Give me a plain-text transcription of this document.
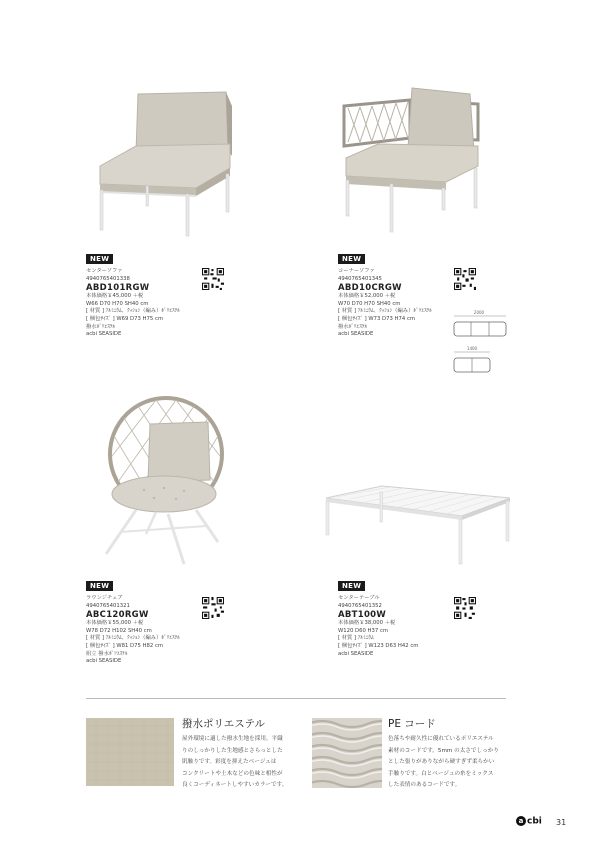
NEW
センターソファ
4940765401338
ABD101RGW
本体価格￥45,000 ＋税
W66 D70 H70 SH40 cm
[ 材質 ] ｱﾙﾐﾆｳﾑ、ｸｯｼｮﾝ（編み）ﾎﾟﾘｴｽﾃﾙ
[ 梱包ｻｲｽﾞ ] W69 D73 H75 cm
撥水ﾎﾟﾘｴｽﾃﾙ
acbi SEASIDE
NEW
コーナーソファ
4940765401345
ABD10CRGW
本体価格￥52,000 ＋税
W70 D70 H70 SH40 cm
[ 材質 ] ｱﾙﾐﾆｳﾑ、ｸｯｼｮﾝ（編み）ﾎﾟﾘｴｽﾃﾙ
[ 梱包ｻｲｽﾞ ] W73 D73 H74 cm
撥水ﾎﾟﾘｴｽﾃﾙ
acbi SEASIDE
2000
1400
NEW
ラウンジチェア
4940765401321
ABC120RGW
本体価格￥55,000 ＋税
W78 D72 H102 SH40 cm
[ 材質 ] ｱﾙﾐﾆｳﾑ、ｸｯｼｮﾝ（編み）ﾎﾟﾘｴｽﾃﾙ
[ 梱包ｻｲｽﾞ ] W81 D75 H82 cm
組立 撥水ﾎﾟﾘｴｽﾃﾙ
acbi SEASIDE
NEW
センターテーブル
4940765401352
ABT100W
本体価格￥38,000 ＋税
W120 D60 H37 cm
[ 材質 ] ｱﾙﾐﾆｳﾑ
[ 梱包ｻｲｽﾞ ] W123 D63 H42 cm
acbi SEASIDE
撥水ポリエステル
屋外環境に適した撥水生地を採用。平織
りのしっかりした生地感とさらっとした
肌触りです。彩度を抑えたベージュは
コンクリートや土木などの色味と相性が
良くコーディネートしやすいカラーです。
PE コード
色落ちや耐久性に優れているポリエステル
素材のコードです。5mm の太さでしっかり
とした張りがありながら硬すぎず柔らかい
手触りです。白とベージュの糸をミックス
した表情のあるコードです。
a cbi 31
